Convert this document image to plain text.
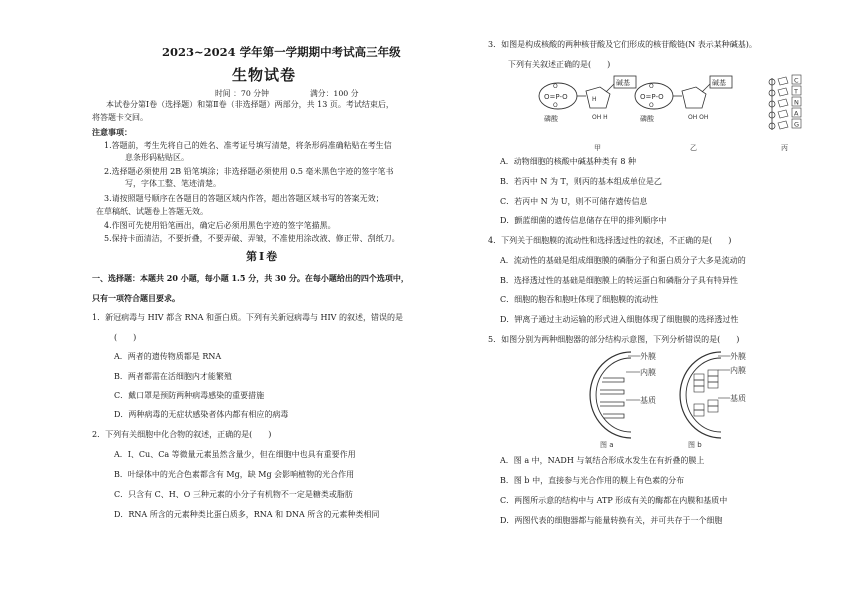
2023~2024 学年第一学期期中考试高三年级
生物试卷
时间 ：70 分钟	满分：100 分
本试卷分第Ⅰ卷（选择题）和第Ⅱ卷（非选择题）两部分，共 13 页。考试结束后，
将答题卡交回。
注意事项：
1.答题前，考生先将自己的姓名、准考证号填写清楚，将条形码准确粘贴在考生信
息条形码粘贴区。
2.选择题必须使用 2B 铅笔填涂；非选择题必须使用 0.5 毫米黑色字迹的签字笔书
写，字体工整、笔迹清楚。
3.请按照题号顺序在各题目的答题区域内作答，超出答题区域书写的答案无效；
在草稿纸、试题卷上答题无效。
4.作图可先使用铅笔画出，确定后必须用黑色字迹的签字笔描黑。
5.保持卡面清洁，不要折叠，不要弄破、弄皱，不准使用涂改液、修正带、刮纸刀。
第Ⅰ卷
一、选择题：本题共 20 小题，每小题 1.5 分，共 30 分。在每小题给出的四个选项中，
只有一项符合题目要求。
1．新冠病毒与 HIV 都含 RNA 和蛋白质。下列有关新冠病毒与 HIV 的叙述，错误的是
(　　)
A．两者的遗传物质都是 RNA
B．两者都需在活细胞内才能繁殖
C．戴口罩是预防两种病毒感染的重要措施
D．两种病毒的无症状感染者体内都有相应的病毒
2．下列有关细胞中化合物的叙述，正确的是(　　)
A．I、Cu、Ca 等微量元素虽然含量少，但在细胞中也具有重要作用
B．叶绿体中的光合色素都含有 Mg，缺 Mg 会影响植物的光合作用
C．只含有 C、H、O 三种元素的小分子有机物不一定是糖类或脂肪
D．RNA 所含的元素种类比蛋白质多，RNA 和 DNA 所含的元素种类相同
3．如图是构成核酸的两种核苷酸及它们形成的核苷酸链(N 表示某种碱基)。
下列有关叙述正确的是(　　)
O=P-O
O
O
H
OH H
碱基
磷酸
O=P-O
O
O
OH OH
碱基
磷酸
C
T
N
A
G
甲	乙	丙
A．动物细胞的核酸中碱基种类有 8 种
B．若丙中 N 为 T，则丙的基本组成单位是乙
C．若丙中 N 为 U，则不可储存遗传信息
D．颤蓝细菌的遗传信息储存在甲的排列顺序中
4．下列关于细胞膜的流动性和选择透过性的叙述，不正确的是(　　)
A．流动性的基础是组成细胞膜的磷脂分子和蛋白质分子大多是流动的
B．选择透过性的基础是细胞膜上的转运蛋白和磷脂分子具有特异性
C．细胞的胞吞和胞吐体现了细胞膜的流动性
D．钾离子通过主动运输的形式进入细胞体现了细胞膜的选择透过性
5．如图分别为两种细胞器的部分结构示意图，下列分析错误的是(　　)
外膜
内膜
基质
图 a
外膜
内膜
基质
图 b
A．图 a 中，NADH 与氧结合形成水发生在有折叠的膜上
B．图 b 中，直接参与光合作用的膜上有色素的分布
C．两图所示意的结构中与 ATP 形成有关的酶都在内膜和基质中
D．两图代表的细胞器都与能量转换有关，并可共存于一个细胞
